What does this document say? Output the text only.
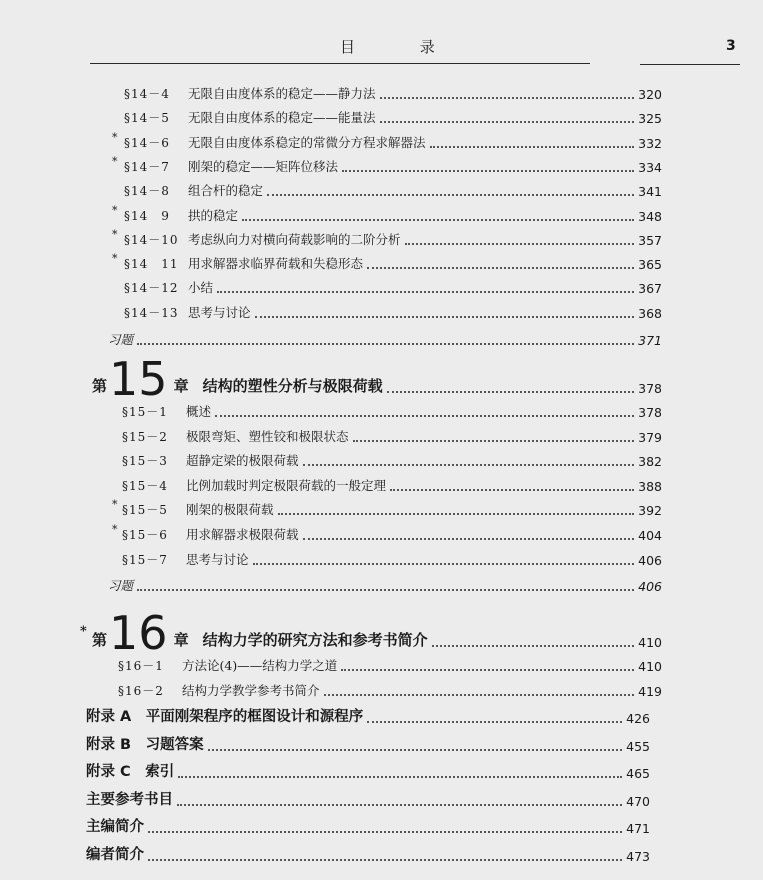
目 录	3
§14－4 无限自由度体系的稳定——静力法	320
§14－5 无限自由度体系的稳定——能量法	325
§14－6 无限自由度体系稳定的常微分方程求解器法	332
*
§14－7 刚架的稳定——矩阵位移法	334
*
§14－8 组合杆的稳定	341
§14　9 拱的稳定	348
*
§14－10 考虑纵向力对横向荷载影响的二阶分析	357
*
§14　11 用求解器求临界荷载和失稳形态	365
*
§14－12 小结	367
§14－13 思考与讨论	368
习题	371
第15 章 结构的塑性分析与极限荷载	378
§15－1 概述	378
§15－2 极限弯矩、塑性铰和极限状态	379
§15－3 超静定梁的极限荷载	382
§15－4 比例加载时判定极限荷载的一般定理	388
§15－5 刚架的极限荷载	392
*
§15－6 用求解器求极限荷载	404
*
§15－7 思考与讨论	406
习题	406
第16 章 结构力学的研究方法和参考书简介	410
*
§16－1 方法论(4)——结构力学之道	410
§16－2 结构力学教学参考书简介	419
附录 A　平面刚架程序的框图设计和源程序	426
附录 B　习题答案	455
附录 C　索引	465
主要参考书目	470
主编简介	471
编者简介	473
